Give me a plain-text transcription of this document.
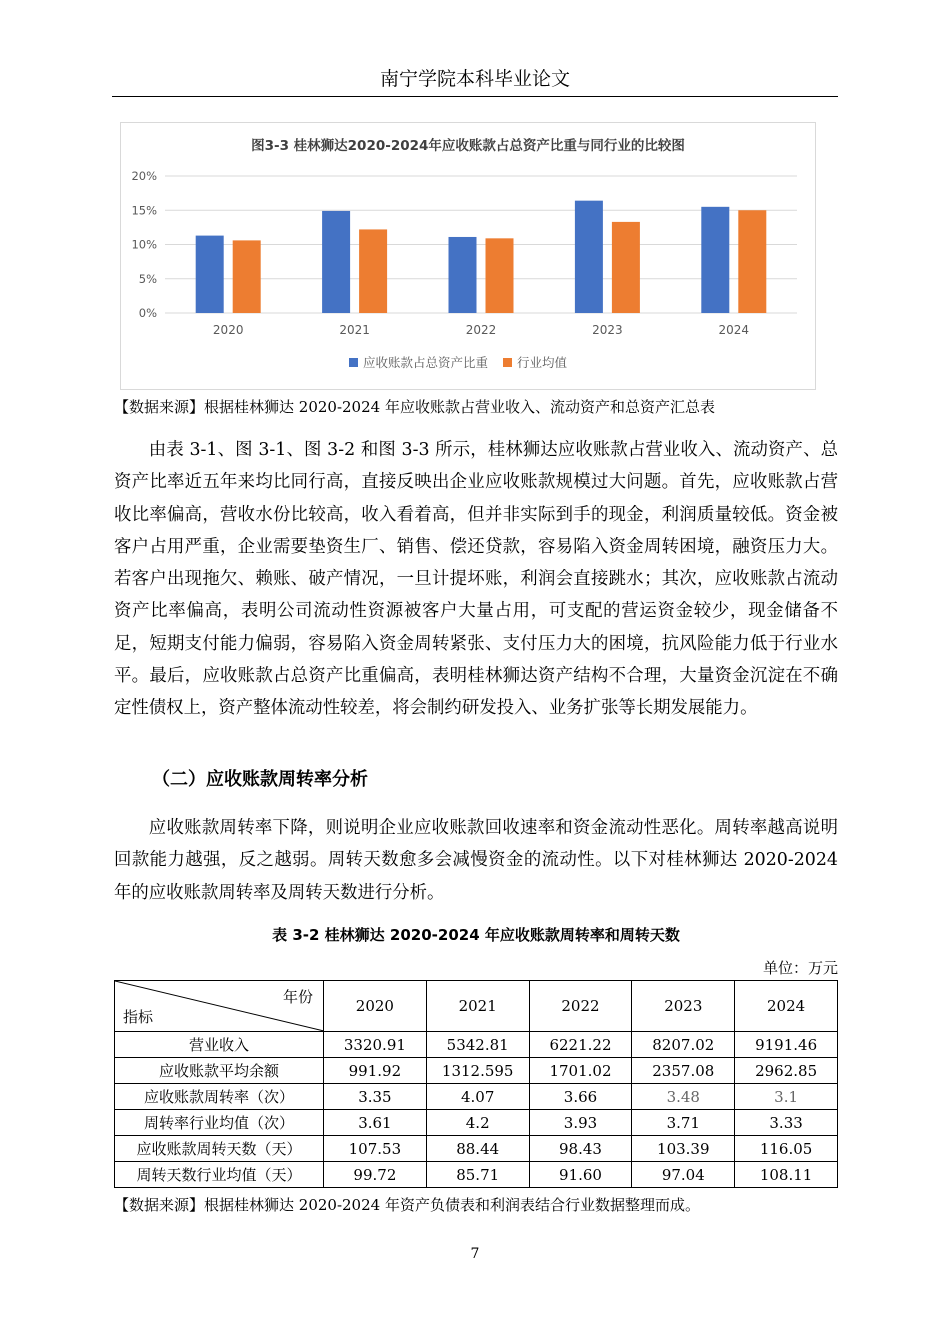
南宁学院本科毕业论文
图3-3 桂林狮达2020-2024年应收账款占总资产比重与同行业的比较图
0%
5%
10%
15%
20%
2020	2021	2022	2023	2024
应收账款占总资产比重 行业均值
【数据来源】根据桂林狮达 2020-2024 年应收账款占营业收入、流动资产和总资产汇总表

由表 3-1、图 3-1、图 3-2 和图 3-3 所示，桂林狮达应收账款占营业收入、流动资产、总资产比率近五年来均比同行高，直接反映出企业应收账款规模过大问题。首先，应收账款占营收比率偏高，营收水份比较高，收入看着高，但并非实际到手的现金，利润质量较低。资金被客户占用严重，企业需要垫资生厂、销售、偿还贷款，容易陷入资金周转困境，融资压力大。若客户出现拖欠、赖账、破产情况，一旦计提坏账，利润会直接跳水；其次，应收账款占流动资产比率偏高，表明公司流动性资源被客户大量占用，可支配的营运资金较少，现金储备不足，短期支付能力偏弱，容易陷入资金周转紧张、支付压力大的困境，抗风险能力低于行业水平。最后，应收账款占总资产比重偏高，表明桂林狮达资产结构不合理，大量资金沉淀在不确定性债权上，资产整体流动性较差，将会制约研发投入、业务扩张等长期发展能力。

（二）应收账款周转率分析

应收账款周转率下降，则说明企业应收账款回收速率和资金流动性恶化。周转率越高说明回款能力越强，反之越弱。周转天数愈多会减慢资金的流动性。以下对桂林狮达 2020-2024 年的应收账款周转率及周转天数进行分析。

表 3-2 桂林狮达 2020-2024 年应收账款周转率和周转天数
单位：万元
年份
指标	2020	2021	2022	2023	2024
营业收入	3320.91	5342.81	6221.22	8207.02	9191.46
应收账款平均余额	991.92	1312.595	1701.02	2357.08	2962.85
应收账款周转率（次）	3.35	4.07	3.66	3.48	3.1
周转率行业均值（次）	3.61	4.2	3.93	3.71	3.33
应收账款周转天数（天）	107.53	88.44	98.43	103.39	116.05
周转天数行业均值（天）	99.72	85.71	91.60	97.04	108.11
【数据来源】根据桂林狮达 2020-2024 年资产负债表和利润表结合行业数据整理而成。
7
